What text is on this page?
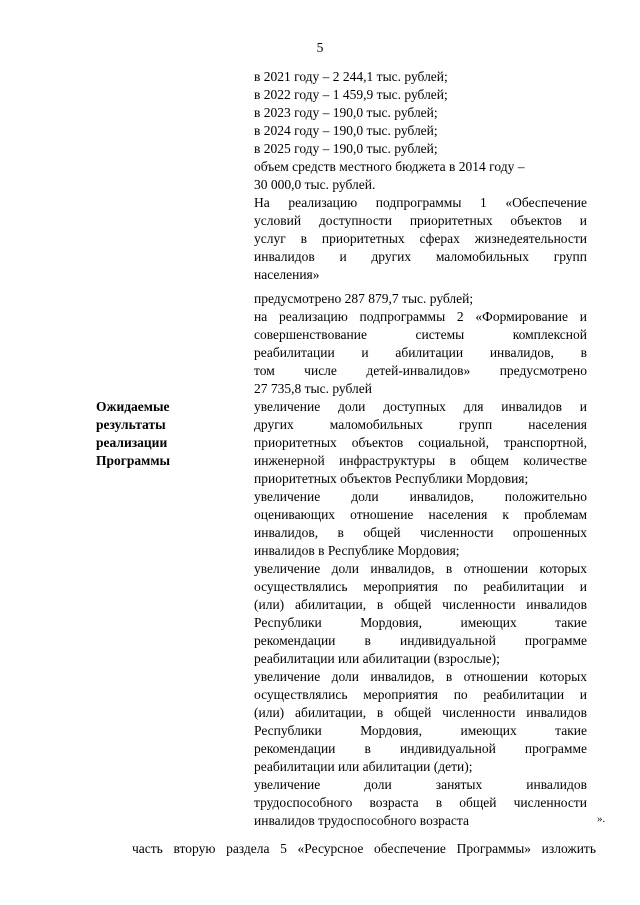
5
в 2021 году – 2 244,1 тыс. рублей;
в 2022 году – 1 459,9 тыс. рублей;
в 2023 году – 190,0 тыс. рублей;
в 2024 году – 190,0 тыс. рублей;
в 2025 году – 190,0 тыс. рублей;
объем средств местного бюджета в 2014 году –
30 000,0 тыс. рублей.
На реализацию подпрограммы 1 «Обеспечение
условий доступности приоритетных объектов и
услуг в приоритетных сферах жизнедеятельности
инвалидов и других маломобильных групп
населения»
предусмотрено 287 879,7 тыс. рублей;
на реализацию подпрограммы 2 «Формирование и
совершенствование системы комплексной
реабилитации и абилитации инвалидов, в
том числе детей-инвалидов» предусмотрено
27 735,8 тыс. рублей
Ожидаемые
результаты
реализации
Программы
увеличение доли доступных для инвалидов и
других маломобильных групп населения
приоритетных объектов социальной, транспортной,
инженерной инфраструктуры в общем количестве
приоритетных объектов Республики Мордовия;
увеличение доли инвалидов, положительно
оценивающих отношение населения к проблемам
инвалидов, в общей численности опрошенных
инвалидов в Республике Мордовия;
увеличение доли инвалидов, в отношении которых
осуществлялись мероприятия по реабилитации и
(или) абилитации, в общей численности инвалидов
Республики Мордовия, имеющих такие
рекомендации в индивидуальной программе
реабилитации или абилитации (взрослые);
увеличение доли инвалидов, в отношении которых
осуществлялись мероприятия по реабилитации и
(или) абилитации, в общей численности инвалидов
Республики Мордовия, имеющих такие
рекомендации в индивидуальной программе
реабилитации или абилитации (дети);
увеличение доли занятых инвалидов
трудоспособного возраста в общей численности
инвалидов трудоспособного возраста	».
часть вторую раздела 5 «Ресурсное обеспечение Программы» изложить
